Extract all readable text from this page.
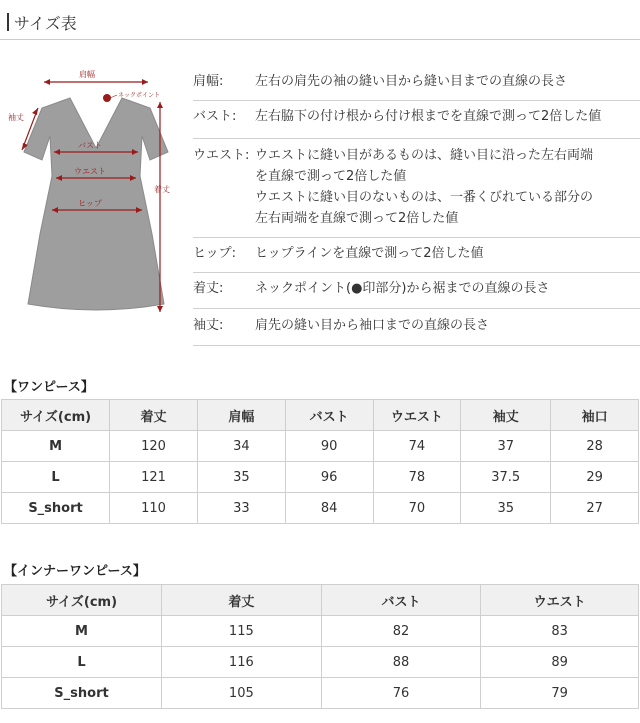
サイズ表
肩幅
ネックポイント
袖丈
バスト
ウエスト
ヒップ
着丈
肩幅: 左右の肩先の袖の縫い目から縫い目までの直線の長さ
バスト: 左右脇下の付け根から付け根までを直線で測って2倍した値
ウエスト: ウエストに縫い目があるものは、縫い目に沿った左右両端
を直線で測って2倍した値
ウエストに縫い目のないものは、一番くびれている部分の
左右両端を直線で測って2倍した値
ヒップ: ヒップラインを直線で測って2倍した値
着丈: ネックポイント(●印部分)から裾までの直線の長さ
袖丈: 肩先の縫い目から袖口までの直線の長さ
【ワンピース】
サイズ(cm)	着丈	肩幅	バスト	ウエスト	袖丈	袖口
M	120	34	90	74	37	28
L	121	35	96	78	37.5	29
S_short	110	33	84	70	35	27
【インナーワンピース】
サイズ(cm)	着丈	バスト	ウエスト
M	115	82	83
L	116	88	89
S_short	105	76	79
